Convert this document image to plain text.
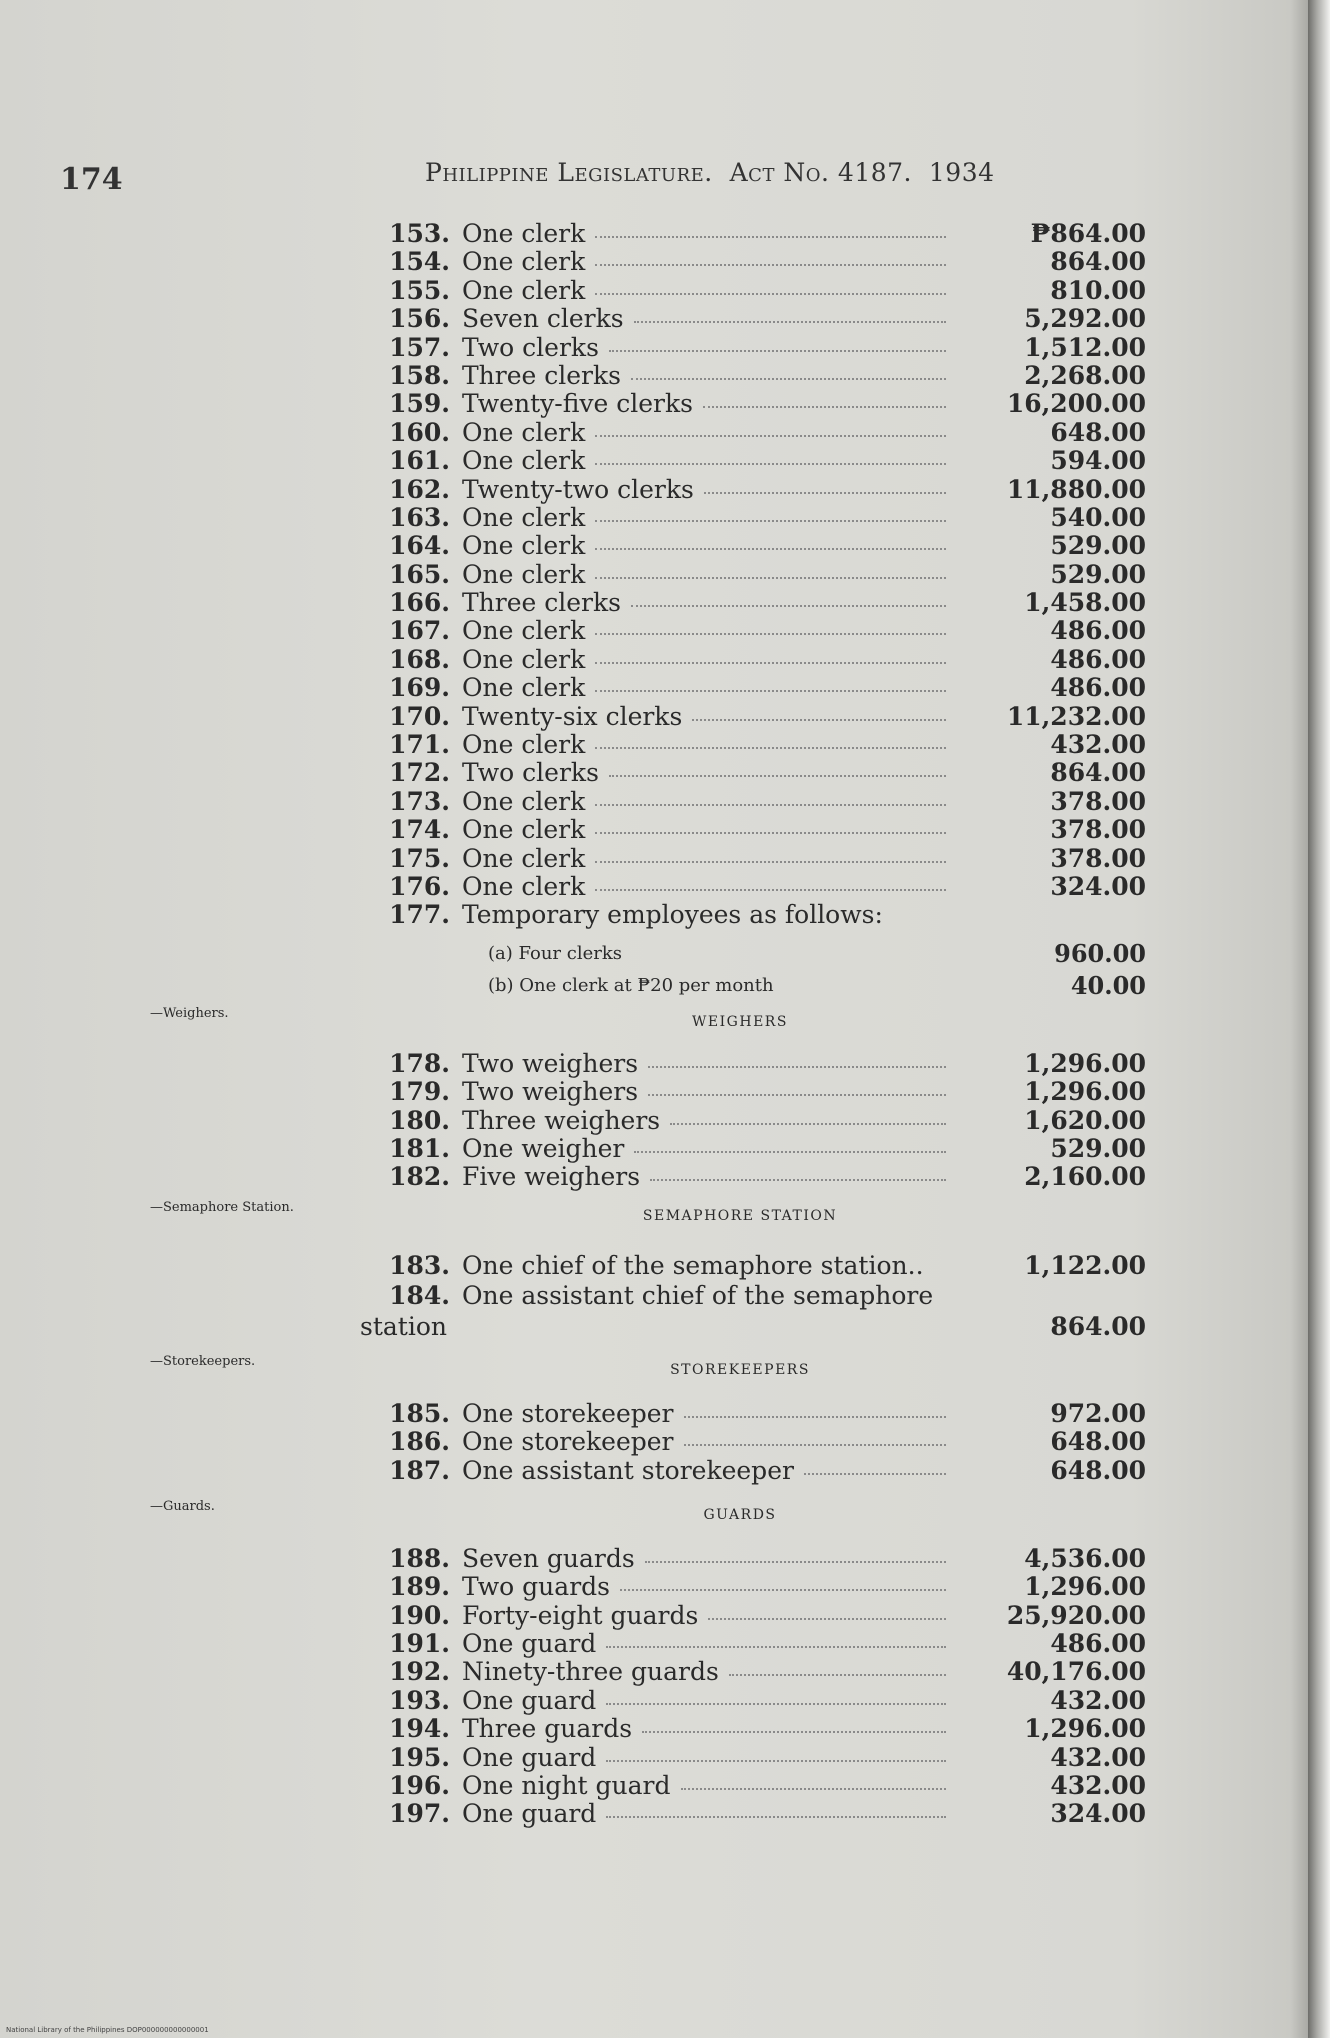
174	Philippine Legislature. Act No. 4187. 1934
153. One clerk	₱864.00
154. One clerk	864.00
155. One clerk	810.00
156. Seven clerks	5,292.00
157. Two clerks	1,512.00
158. Three clerks	2,268.00
159. Twenty-five clerks	16,200.00
160. One clerk	648.00
161. One clerk	594.00
162. Twenty-two clerks	11,880.00
163. One clerk	540.00
164. One clerk	529.00
165. One clerk	529.00
166. Three clerks	1,458.00
167. One clerk	486.00
168. One clerk	486.00
169. One clerk	486.00
170. Twenty-six clerks	11,232.00
171. One clerk	432.00
172. Two clerks	864.00
173. One clerk	378.00
174. One clerk	378.00
175. One clerk	378.00
176. One clerk	324.00
177. Temporary employees as follows:
(a) Four clerks	960.00
(b) One clerk at ₱20 per month	40.00
—Weighers.
WEIGHERS
178. Two weighers	1,296.00
179. Two weighers	1,296.00
180. Three weighers	1,620.00
181. One weigher	529.00
182. Five weighers	2,160.00
—Semaphore Station.
SEMAPHORE STATION
183. One chief of the semaphore station..	1,122.00
184. One assistant chief of the semaphore
station	864.00
—Storekeepers.
STOREKEEPERS
185. One storekeeper	972.00
186. One storekeeper	648.00
187. One assistant storekeeper	648.00
—Guards.
GUARDS
188. Seven guards	4,536.00
189. Two guards	1,296.00
190. Forty-eight guards	25,920.00
191. One guard	486.00
192. Ninety-three guards	40,176.00
193. One guard	432.00
194. Three guards	1,296.00
195. One guard	432.00
196. One night guard	432.00
197. One guard	324.00
National Library of the Philippines DOP000000000000001
